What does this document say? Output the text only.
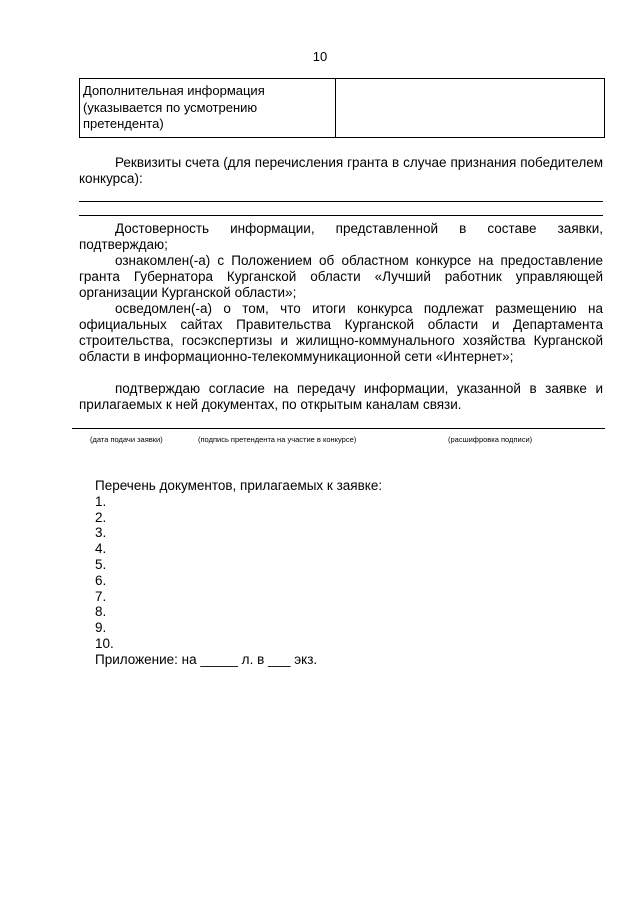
10
Дополнительная информация (указывается по усмотрению претендента)
Реквизиты счета (для перечисления гранта в случае признания победителем конкурса):
Достоверность информации, представленной в составе заявки, подтверждаю;
ознакомлен(-а) с Положением об областном конкурсе на предоставление гранта Губернатора Курганской области «Лучший работник управляющей организации Курганской области»;
осведомлен(-а) о том, что итоги конкурса подлежат размещению на официальных сайтах Правительства Курганской области и Департамента строительства, госэкспертизы и жилищно-коммунального хозяйства Курганской области в информационно-телекоммуникационной сети «Интернет»;
подтверждаю согласие на передачу информации, указанной в заявке и прилагаемых к ней документах, по открытым каналам связи.
(дата подачи заявки)	(подпись претендента на участие в конкурсе)	(расшифровка подписи)
Перечень документов, прилагаемых к заявке:
1.
2.
3.
4.
5.
6.
7.
8.
9.
10.
Приложение: на _____ л. в ___ экз.
